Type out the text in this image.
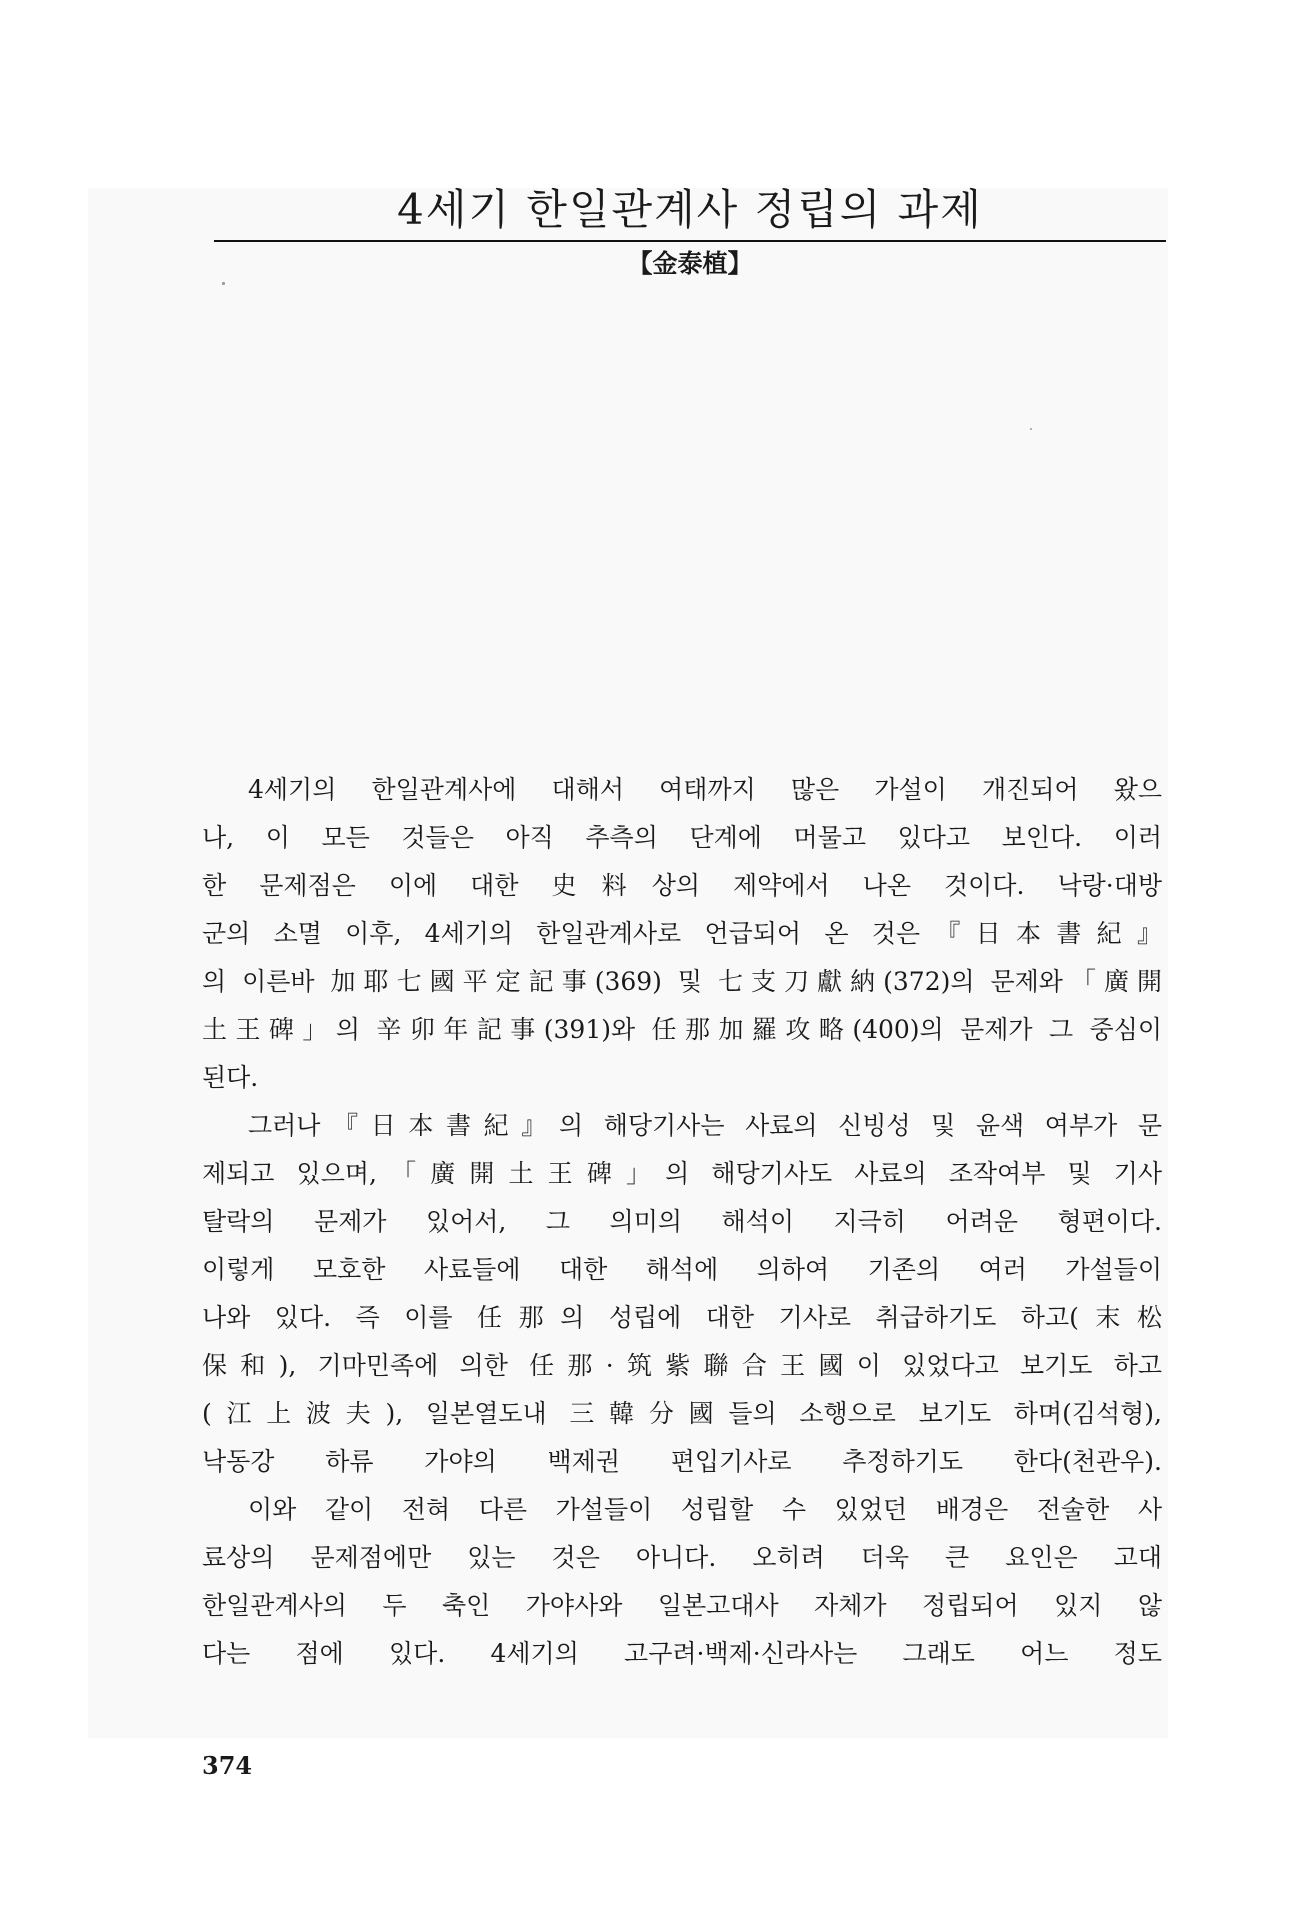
4세기 한일관계사 정립의 과제
【金泰植】
4세기의 한일관계사에 대해서 여태까지 많은 가설이 개진되어 왔으
나, 이 모든 것들은 아직 추측의 단계에 머물고 있다고 보인다. 이러
한 문제점은 이에 대한 史料상의 제약에서 나온 것이다. 낙랑·대방
군의 소멸 이후, 4세기의 한일관계사로 언급되어 온 것은『日本書紀』
의 이른바 加耶七國平定記事(369) 및 七支刀獻納(372)의 문제와「廣開
土王碑」의 辛卯年記事(391)와 任那加羅攻略(400)의 문제가 그 중심이
된다.
그러나『日本書紀』의 해당기사는 사료의 신빙성 및 윤색 여부가 문
제되고 있으며,「廣開土王碑」의 해당기사도 사료의 조작여부 및 기사
탈락의 문제가 있어서, 그 의미의 해석이 지극히 어려운 형편이다.
이렇게 모호한 사료들에 대한 해석에 의하여 기존의 여러 가설들이
나와 있다. 즉 이를 任那의 성립에 대한 기사로 취급하기도 하고(末松
保和), 기마민족에 의한 任那·筑紫聯合王國이 있었다고 보기도 하고
(江上波夫), 일본열도내 三韓分國들의 소행으로 보기도 하며(김석형),
낙동강 하류 가야의 백제권 편입기사로 추정하기도 한다(천관우).
이와 같이 전혀 다른 가설들이 성립할 수 있었던 배경은 전술한 사
료상의 문제점에만 있는 것은 아니다. 오히려 더욱 큰 요인은 고대
한일관계사의 두 축인 가야사와 일본고대사 자체가 정립되어 있지 않
다는 점에 있다. 4세기의 고구려·백제·신라사는 그래도 어느 정도
374
